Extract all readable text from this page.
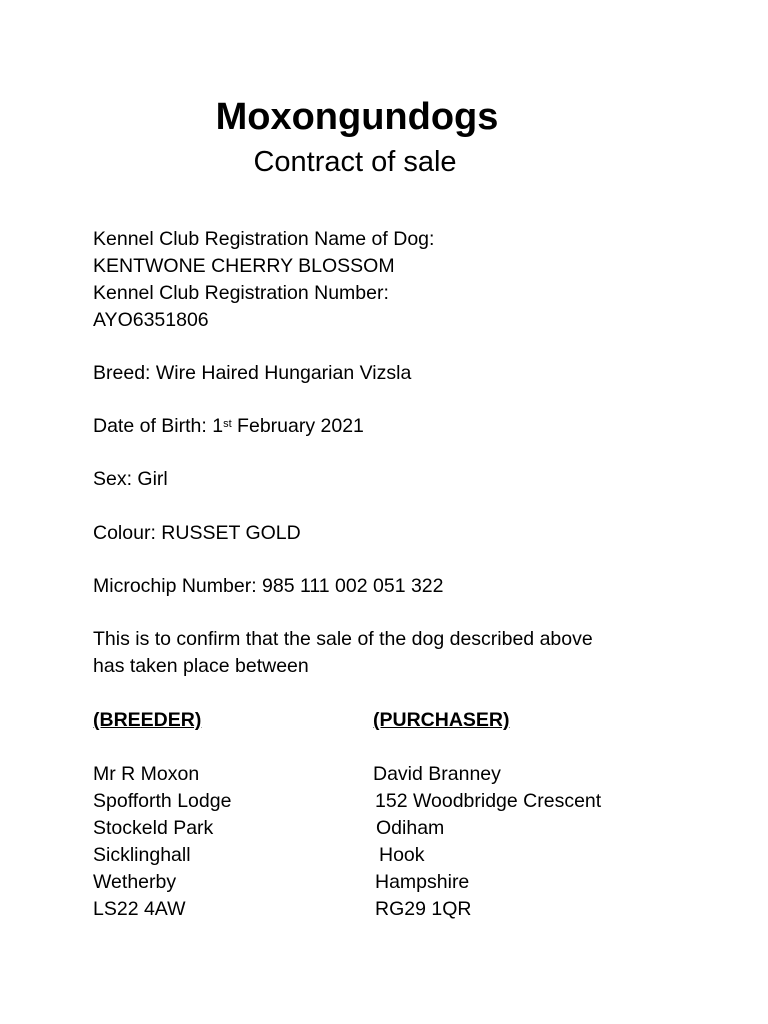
Moxongundogs
Contract of sale
Kennel Club Registration Name of Dog:
KENTWONE CHERRY BLOSSOM
Kennel Club Registration Number:
AYO6351806
Breed: Wire Haired Hungarian Vizsla
Date of Birth: 1st February 2021
Sex: Girl
Colour: RUSSET GOLD
Microchip Number: 985 111 002 051 322
This is to confirm that the sale of the dog described above
has taken place between
(BREEDER)
Mr R Moxon
Spofforth Lodge
Stockeld Park
Sicklinghall
Wetherby
LS22 4AW
(PURCHASER)
David Branney
152 Woodbridge Crescent
Odiham
Hook
Hampshire
RG29 1QR
